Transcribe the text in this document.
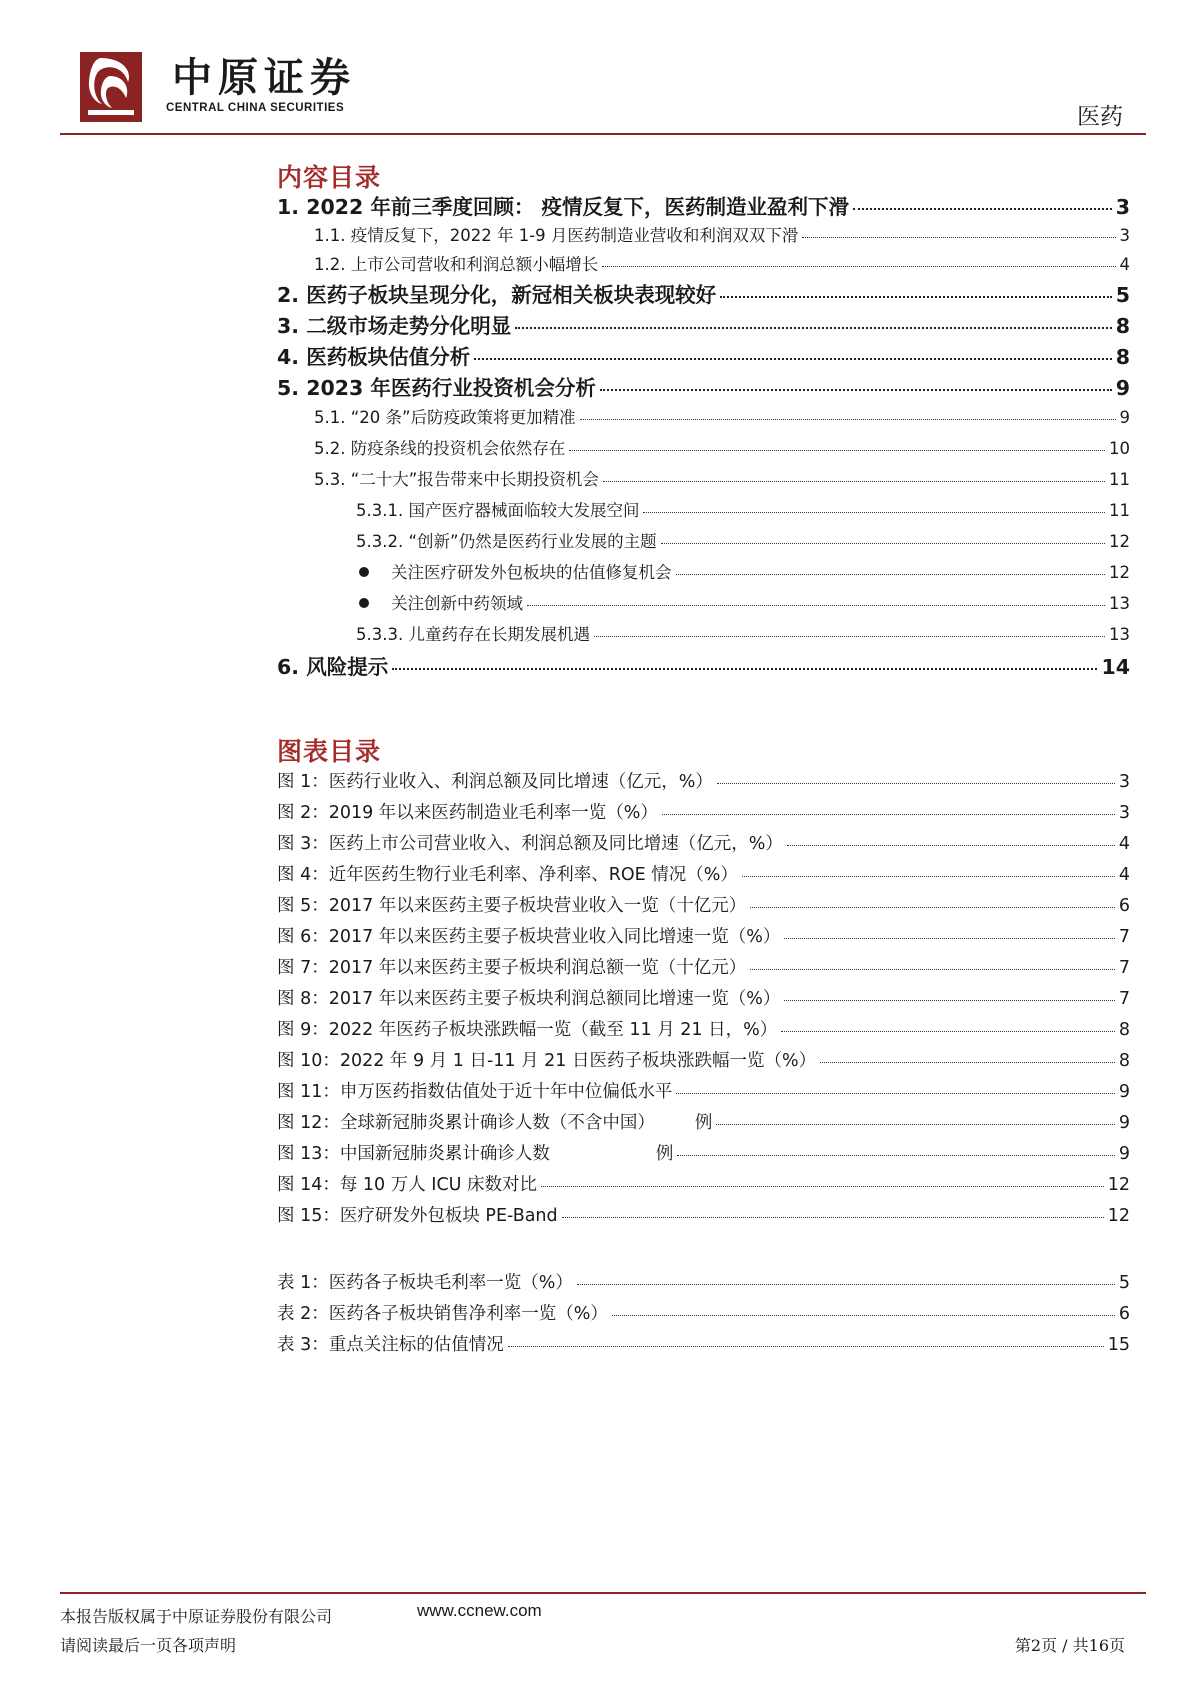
中原证券
CENTRAL CHINA SECURITIES	医药
内容目录
1. 2022 年前三季度回顾： 疫情反复下，医药制造业盈利下滑	3
1.1. 疫情反复下，2022 年 1-9 月医药制造业营收和利润双双下滑	3
1.2. 上市公司营收和利润总额小幅增长	4
2. 医药子板块呈现分化，新冠相关板块表现较好	5
3. 二级市场走势分化明显	8
4. 医药板块估值分析	8
5. 2023 年医药行业投资机会分析	9
5.1. “20 条”后防疫政策将更加精准	9
5.2. 防疫条线的投资机会依然存在	10
5.3. “二十大”报告带来中长期投资机会	11
5.3.1. 国产医疗器械面临较大发展空间	11
5.3.2. “创新”仍然是医药行业发展的主题	12
关注医疗研发外包板块的估值修复机会	12
关注创新中药领域	13
5.3.3. 儿童药存在长期发展机遇	13
6. 风险提示	14
图表目录
图 1：医药行业收入、利润总额及同比增速（亿元，%）	3
图 2：2019 年以来医药制造业毛利率一览（%）	3
图 3：医药上市公司营业收入、利润总额及同比增速（亿元，%）	4
图 4：近年医药生物行业毛利率、净利率、ROE 情况（%）	4
图 5：2017 年以来医药主要子板块营业收入一览（十亿元）	6
图 6：2017 年以来医药主要子板块营业收入同比增速一览（%）	7
图 7：2017 年以来医药主要子板块利润总额一览（十亿元）	7
图 8：2017 年以来医药主要子板块利润总额同比增速一览（%）	7
图 9：2022 年医药子板块涨跌幅一览（截至 11 月 21 日，%）	8
图 10：2022 年 9 月 1 日-11 月 21 日医药子板块涨跌幅一览（%）	8
图 11：申万医药指数估值处于近十年中位偏低水平	9
图 12：全球新冠肺炎累计确诊人数（不含中国） 例	9
图 13：中国新冠肺炎累计确诊人数	例	9
图 14：每 10 万人 ICU 床数对比	12
图 15：医疗研发外包板块 PE-Band	12
表 1：医药各子板块毛利率一览（%）	5
表 2：医药各子板块销售净利率一览（%）	6
表 3：重点关注标的估值情况	15
本报告版权属于中原证券股份有限公司	www.ccnew.com
请阅读最后一页各项声明	第2页 / 共16页
